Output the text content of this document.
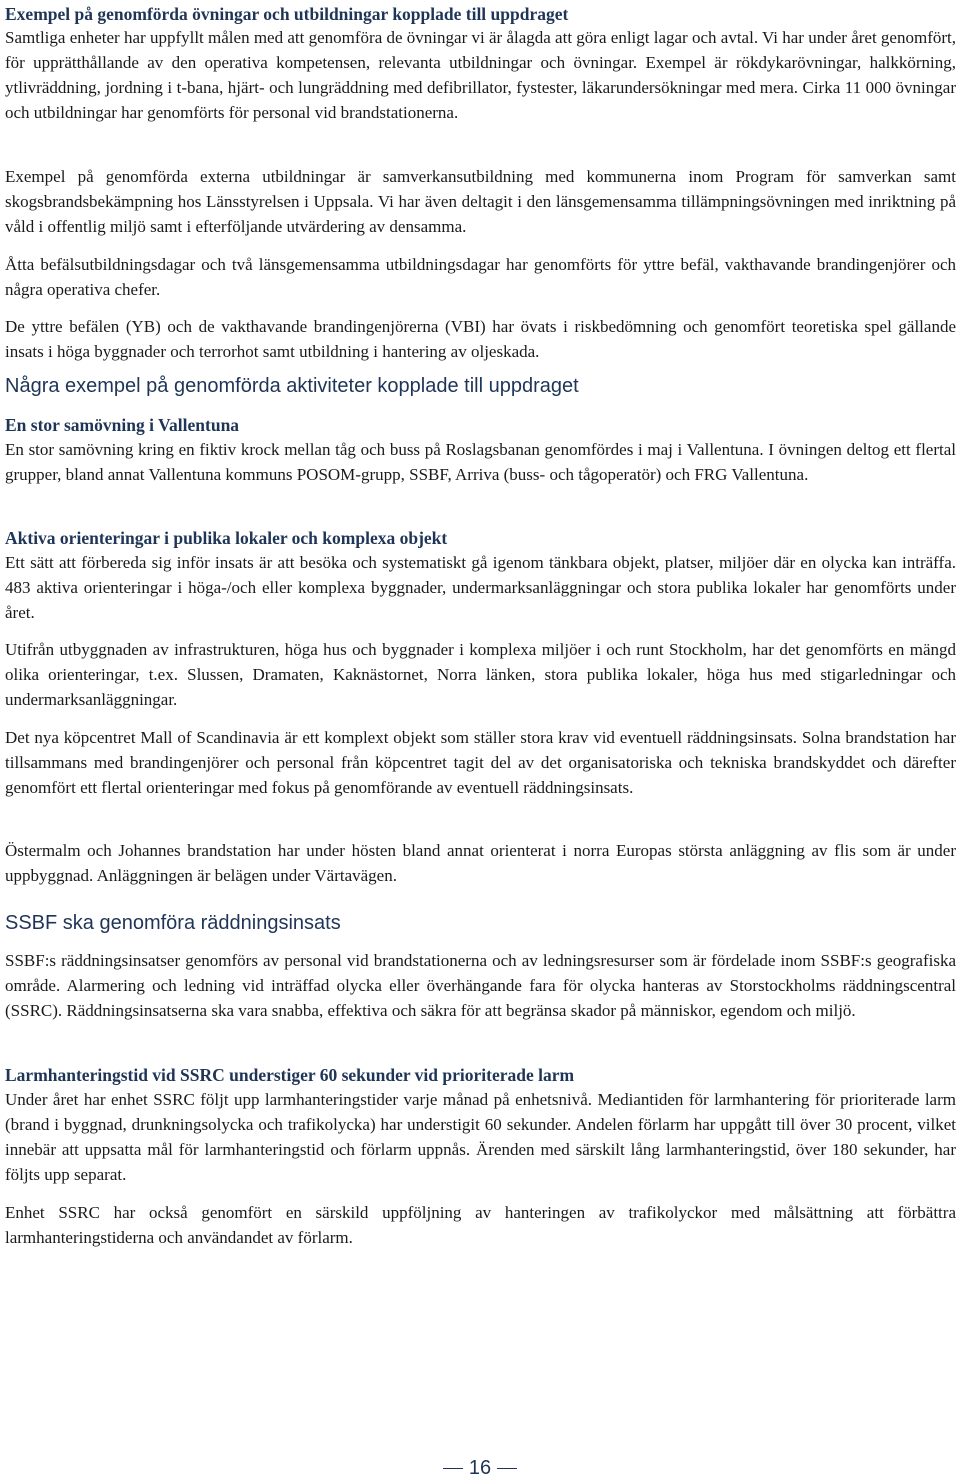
Exempel på genomförda övningar och utbildningar kopplade till uppdraget

Samtliga enheter har uppfyllt målen med att genomföra de övningar vi är ålagda att göra enligt lagar och avtal. Vi har under året genomfört, för upprätthållande av den operativa kompetensen, relevanta utbildningar och övningar. Exempel är rökdykarövningar, halkkörning, ytlivräddning, jordning i t-bana, hjärt- och lungräddning med defibrillator, fystester, läkarundersökningar med mera. Cirka 11 000 övningar och utbildningar har genomförts för personal vid brandstationerna.

Exempel på genomförda externa utbildningar är samverkansutbildning med kommunerna inom Program för samverkan samt skogsbrandsbekämpning hos Länsstyrelsen i Uppsala. Vi har även deltagit i den länsgemensamma tillämpningsövningen med inriktning på våld i offentlig miljö samt i efterföljande utvärdering av densamma.

Åtta befälsutbildningsdagar och två länsgemensamma utbildningsdagar har genomförts för yttre befäl, vakthavande brandingenjörer och några operativa chefer.

De yttre befälen (YB) och de vakthavande brandingenjörerna (VBI) har övats i riskbedömning och genomfört teoretiska spel gällande insats i höga byggnader och terrorhot samt utbildning i hantering av oljeskada.

Några exempel på genomförda aktiviteter kopplade till uppdraget
En stor samövning i Vallentuna

En stor samövning kring en fiktiv krock mellan tåg och buss på Roslagsbanan genomfördes i maj i Vallentuna. I övningen deltog ett flertal grupper, bland annat Vallentuna kommuns POSOM-grupp, SSBF, Arriva (buss- och tågoperatör) och FRG Vallentuna.

Aktiva orienteringar i publika lokaler och komplexa objekt

Ett sätt att förbereda sig inför insats är att besöka och systematiskt gå igenom tänkbara objekt, platser, miljöer där en olycka kan inträffa. 483 aktiva orienteringar i höga-/och eller komplexa byggnader, undermarksanläggningar och stora publika lokaler har genomförts under året.

Utifrån utbyggnaden av infrastrukturen, höga hus och byggnader i komplexa miljöer i och runt Stockholm, har det genomförts en mängd olika orienteringar, t.ex. Slussen, Dramaten, Kaknästornet, Norra länken, stora publika lokaler, höga hus med stigarledningar och undermarksanläggningar.

Det nya köpcentret Mall of Scandinavia är ett komplext objekt som ställer stora krav vid eventuell räddningsinsats. Solna brandstation har tillsammans med brandingenjörer och personal från köpcentret tagit del av det organisatoriska och tekniska brandskyddet och därefter genomfört ett flertal orienteringar med fokus på genomförande av eventuell räddningsinsats.

Östermalm och Johannes brandstation har under hösten bland annat orienterat i norra Europas största anläggning av flis som är under uppbyggnad. Anläggningen är belägen under Värtavägen.

SSBF ska genomföra räddningsinsats

SSBF:s räddningsinsatser genomförs av personal vid brandstationerna och av ledningsresurser som är fördelade inom SSBF:s geografiska område. Alarmering och ledning vid inträffad olycka eller överhängande fara för olycka hanteras av Storstockholms räddningscentral (SSRC). Räddningsinsatserna ska vara snabba, effektiva och säkra för att begränsa skador på människor, egendom och miljö.

Larmhanteringstid vid SSRC understiger 60 sekunder vid prioriterade larm

Under året har enhet SSRC följt upp larmhanteringstider varje månad på enhetsnivå. Mediantiden för larmhantering för prioriterade larm (brand i byggnad, drunkningsolycka och trafikolycka) har understigit 60 sekunder. Andelen förlarm har uppgått till över 30 procent, vilket innebär att uppsatta mål för larmhanteringstid och förlarm uppnås. Ärenden med särskilt lång larmhanteringstid, över 180 sekunder, har följts upp separat.

Enhet SSRC har också genomfört en särskild uppföljning av hanteringen av trafikolyckor med målsättning att förbättra larmhanteringstiderna och användandet av förlarm.

16
